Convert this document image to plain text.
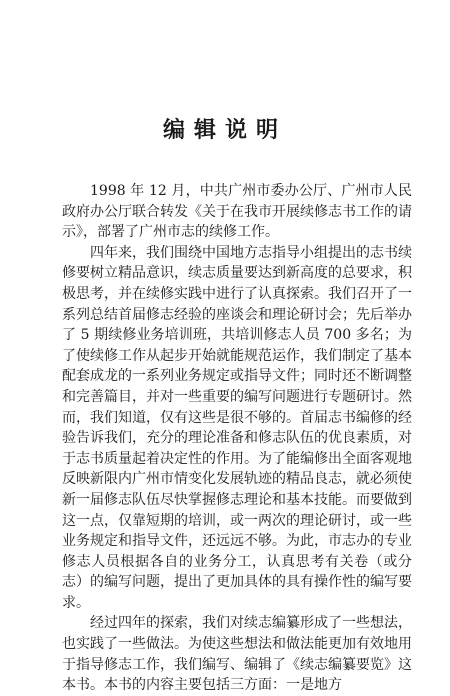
编辑说明

1998 年 12 月，中共广州市委办公厅、广州市人民政府办公厅联合转发《关于在我市开展续修志书工作的请示》，部署了广州市志的续修工作。

四年来，我们围绕中国地方志指导小组提出的志书续修要树立精品意识，续志质量要达到新高度的总要求，积极思考，并在续修实践中进行了认真探索。我们召开了一系列总结首届修志经验的座谈会和理论研讨会；先后举办了 5 期续修业务培训班，共培训修志人员 700 多名；为了使续修工作从起步开始就能规范运作，我们制定了基本配套成龙的一系列业务规定或指导文件；同时还不断调整和完善篇目，并对一些重要的编写问题进行专题研讨。然而，我们知道，仅有这些是很不够的。首届志书编修的经验告诉我们，充分的理论准备和修志队伍的优良素质，对于志书质量起着决定性的作用。为了能编修出全面客观地反映新限内广州市情变化发展轨迹的精品良志，就必须使新一届修志队伍尽快掌握修志理论和基本技能。而要做到这一点，仅靠短期的培训，或一两次的理论研讨，或一些业务规定和指导文件，还远远不够。为此，市志办的专业修志人员根据各自的业务分工，认真思考有关卷（或分志）的编写问题，提出了更加具体的具有操作性的编写要求。

经过四年的探索，我们对续志编纂形成了一些想法，也实践了一些做法。为使这些想法和做法能更加有效地用于指导修志工作，我们编写、编辑了《续志编纂要览》这本书。本书的内容主要包括三方面：一是地方
